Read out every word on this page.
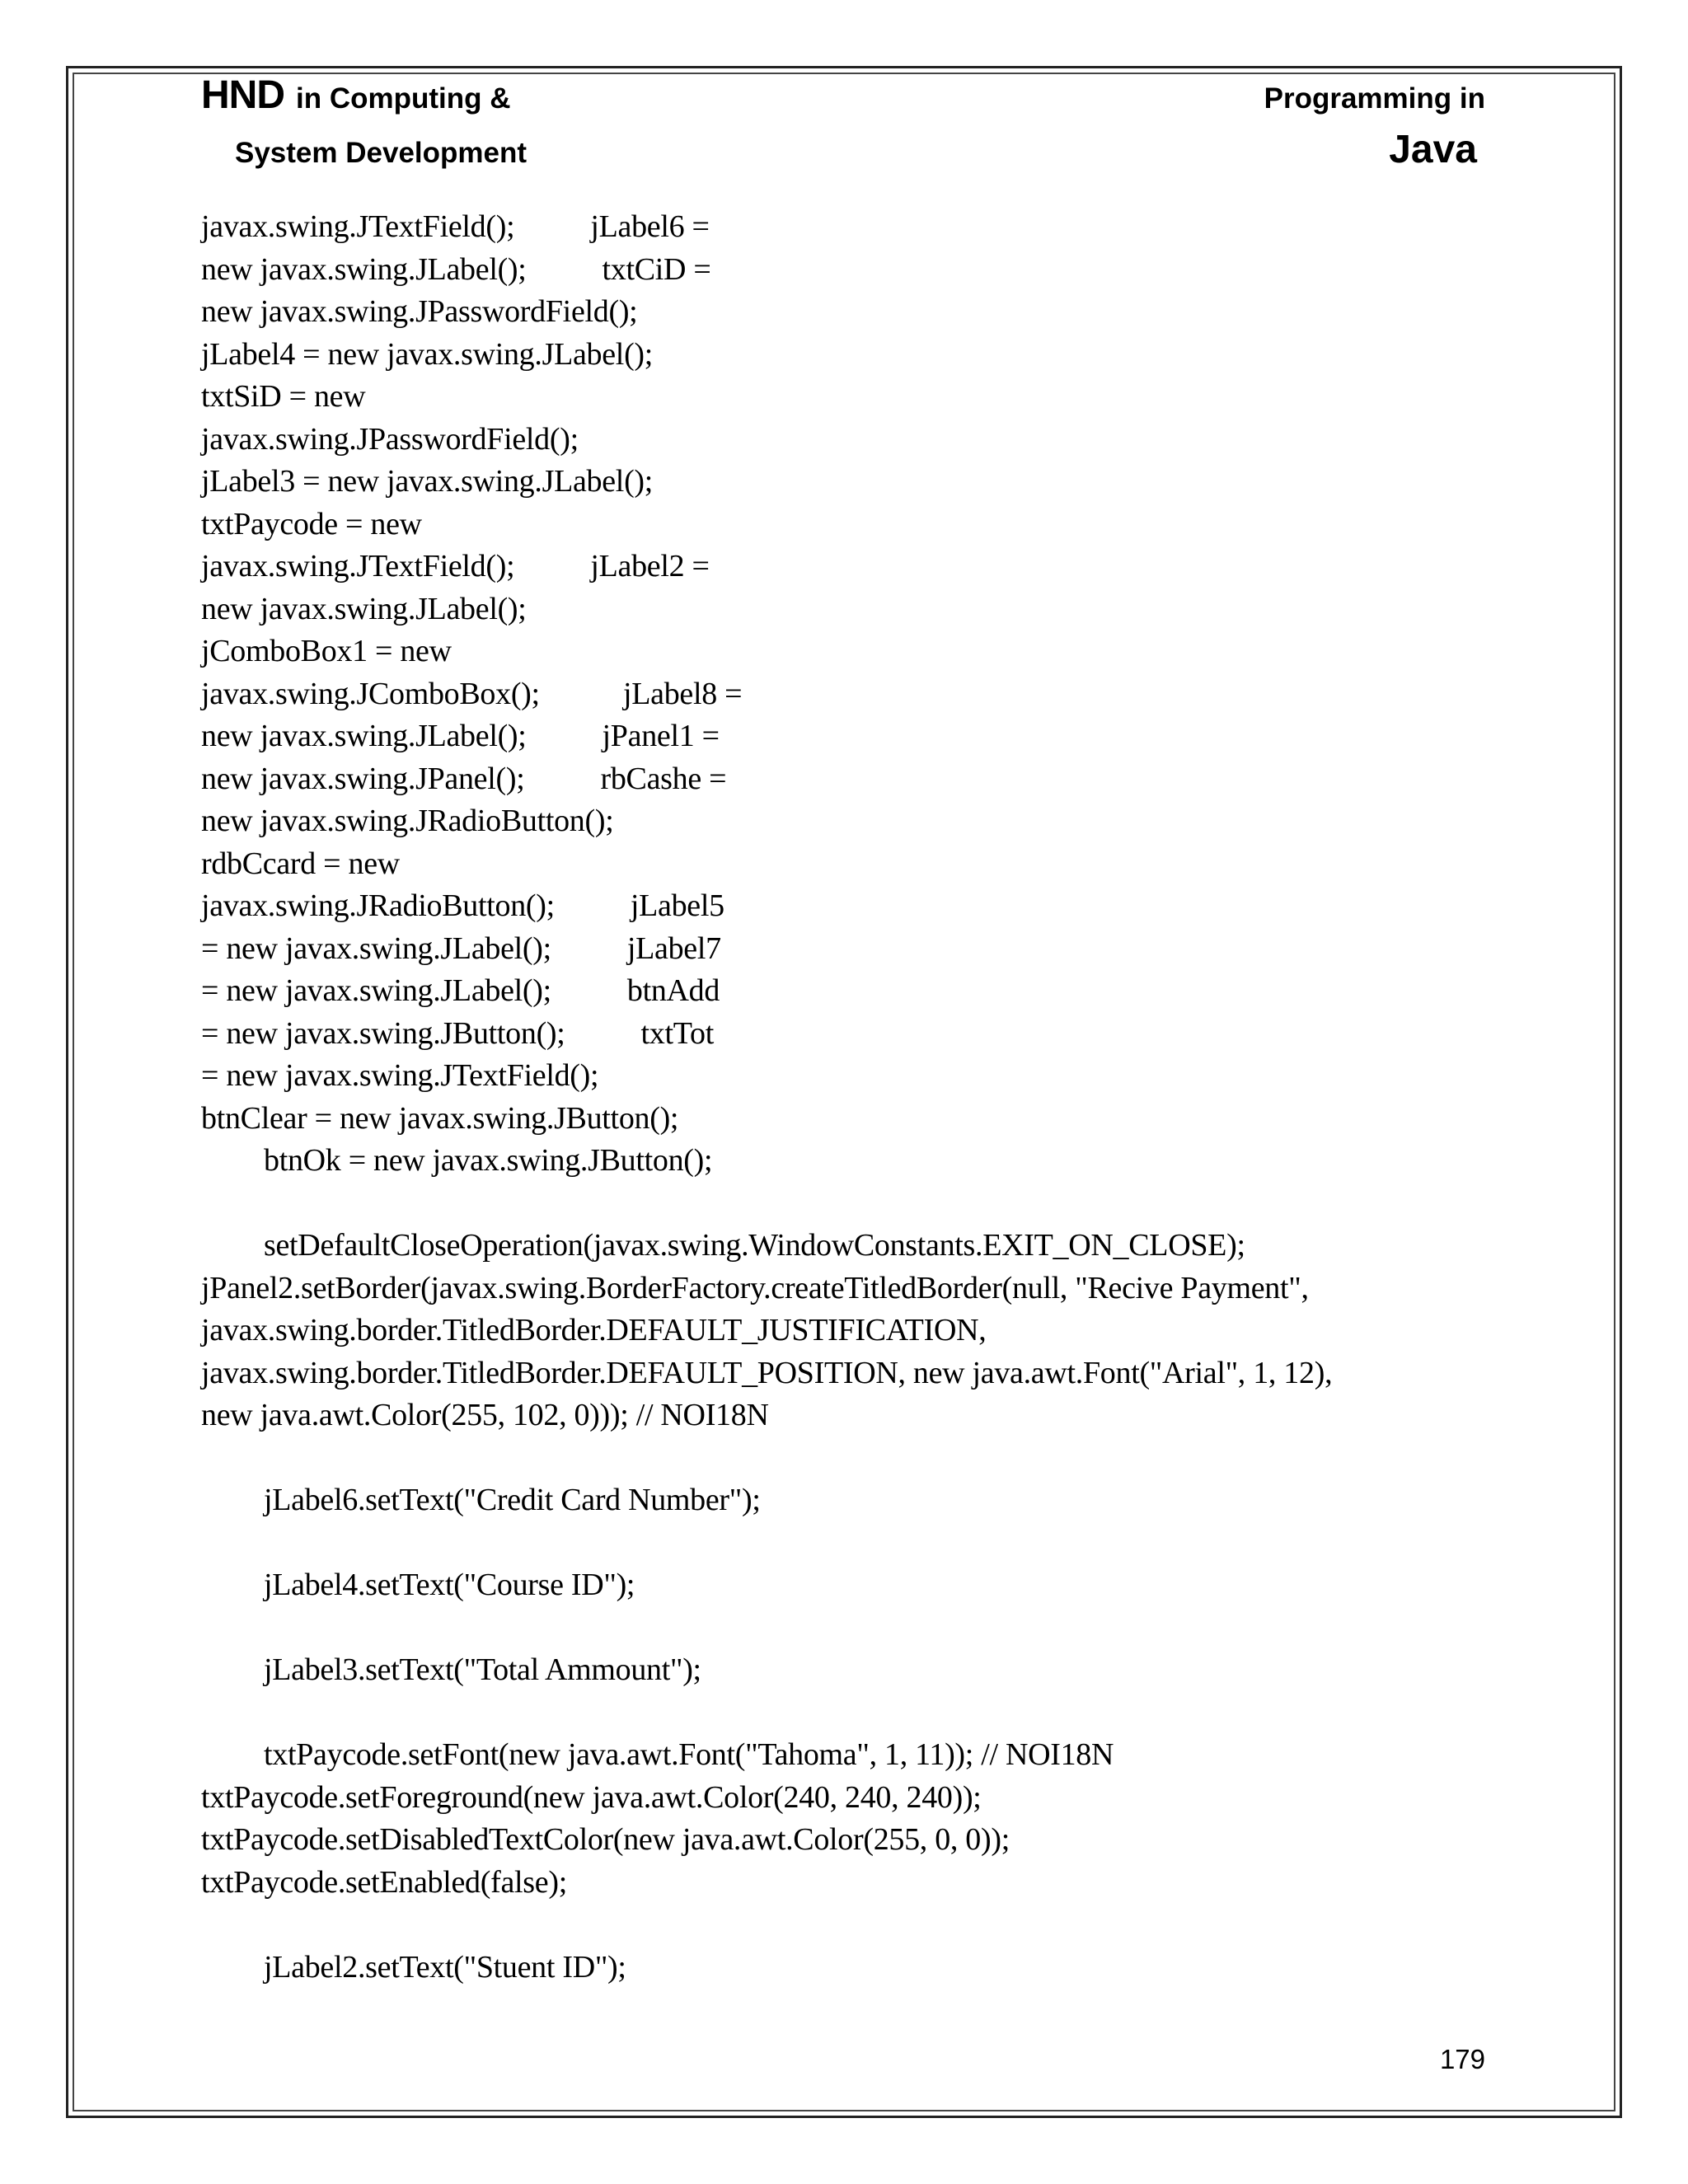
HND in Computing &
System Development
Programming in
Java
javax.swing.JTextField();          jLabel6 =
new javax.swing.JLabel();          txtCiD =
new javax.swing.JPasswordField();
jLabel4 = new javax.swing.JLabel();
txtSiD = new
javax.swing.JPasswordField();
jLabel3 = new javax.swing.JLabel();
txtPaycode = new
javax.swing.JTextField();          jLabel2 =
new javax.swing.JLabel();
jComboBox1 = new
javax.swing.JComboBox();           jLabel8 =
new javax.swing.JLabel();          jPanel1 =
new javax.swing.JPanel();          rbCashe =
new javax.swing.JRadioButton();
rdbCcard = new
javax.swing.JRadioButton();          jLabel5
= new javax.swing.JLabel();          jLabel7
= new javax.swing.JLabel();          btnAdd
= new javax.swing.JButton();          txtTot
= new javax.swing.JTextField();
btnClear = new javax.swing.JButton();
btnOk = new javax.swing.JButton();
setDefaultCloseOperation(javax.swing.WindowConstants.EXIT_ON_CLOSE);
jPanel2.setBorder(javax.swing.BorderFactory.createTitledBorder(null, "Recive Payment",
javax.swing.border.TitledBorder.DEFAULT_JUSTIFICATION,
javax.swing.border.TitledBorder.DEFAULT_POSITION, new java.awt.Font("Arial", 1, 12),
new java.awt.Color(255, 102, 0))); // NOI18N
jLabel6.setText("Credit Card Number");
jLabel4.setText("Course ID");
jLabel3.setText("Total Ammount");
txtPaycode.setFont(new java.awt.Font("Tahoma", 1, 11)); // NOI18N
txtPaycode.setForeground(new java.awt.Color(240, 240, 240));
txtPaycode.setDisabledTextColor(new java.awt.Color(255, 0, 0));
txtPaycode.setEnabled(false);
jLabel2.setText("Stuent ID");
179
